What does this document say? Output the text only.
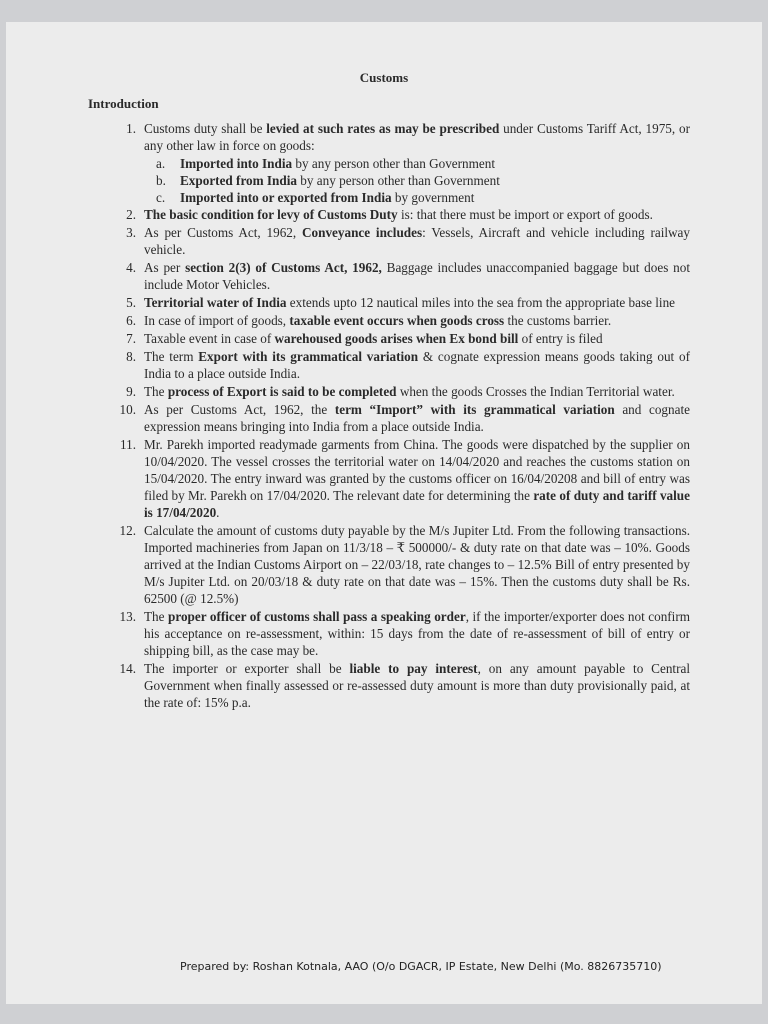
Customs
Introduction
1. Customs duty shall be levied at such rates as may be prescribed under Customs Tariff Act, 1975, or any other law in force on goods:
a.	Imported into India by any person other than Government
b.	Exported from India by any person other than Government
c.	Imported into or exported from India by government
2. The basic condition for levy of Customs Duty is: that there must be import or export of goods.
3. As per Customs Act, 1962, Conveyance includes: Vessels, Aircraft and vehicle including railway vehicle.
4. As per section 2(3) of Customs Act, 1962, Baggage includes unaccompanied baggage but does not include Motor Vehicles.
5. Territorial water of India extends upto 12 nautical miles into the sea from the appropriate base line
6. In case of import of goods, taxable event occurs when goods cross the customs barrier.
7. Taxable event in case of warehoused goods arises when Ex bond bill of entry is filed
8. The term Export with its grammatical variation & cognate expression means goods taking out of India to a place outside India.
9. The process of Export is said to be completed when the goods Crosses the Indian Territorial water.
10. As per Customs Act, 1962, the term “Import” with its grammatical variation and cognate expression means bringing into India from a place outside India.
11. Mr. Parekh imported readymade garments from China. The goods were dispatched by the supplier on 10/04/2020. The vessel crosses the territorial water on 14/04/2020 and reaches the customs station on 15/04/2020. The entry inward was granted by the customs officer on 16/04/20208 and bill of entry was filed by Mr. Parekh on 17/04/2020. The relevant date for determining the rate of duty and tariff value is 17/04/2020.
12. Calculate the amount of customs duty payable by the M/s Jupiter Ltd. From the following transactions. Imported machineries from Japan on 11/3/18 – ₹ 500000/- & duty rate on that date was – 10%. Goods arrived at the Indian Customs Airport on – 22/03/18, rate changes to – 12.5% Bill of entry presented by M/s Jupiter Ltd. on 20/03/18 & duty rate on that date was – 15%. Then the customs duty shall be Rs. 62500 (@ 12.5%)
13. The proper officer of customs shall pass a speaking order, if the importer/exporter does not confirm his acceptance on re-assessment, within: 15 days from the date of re-assessment of bill of entry or shipping bill, as the case may be.
14. The importer or exporter shall be liable to pay interest, on any amount payable to Central Government when finally assessed or re-assessed duty amount is more than duty provisionally paid, at the rate of: 15% p.a.
Prepared by: Roshan Kotnala, AAO (O/o DGACR, IP Estate, New Delhi (Mo. 8826735710)
